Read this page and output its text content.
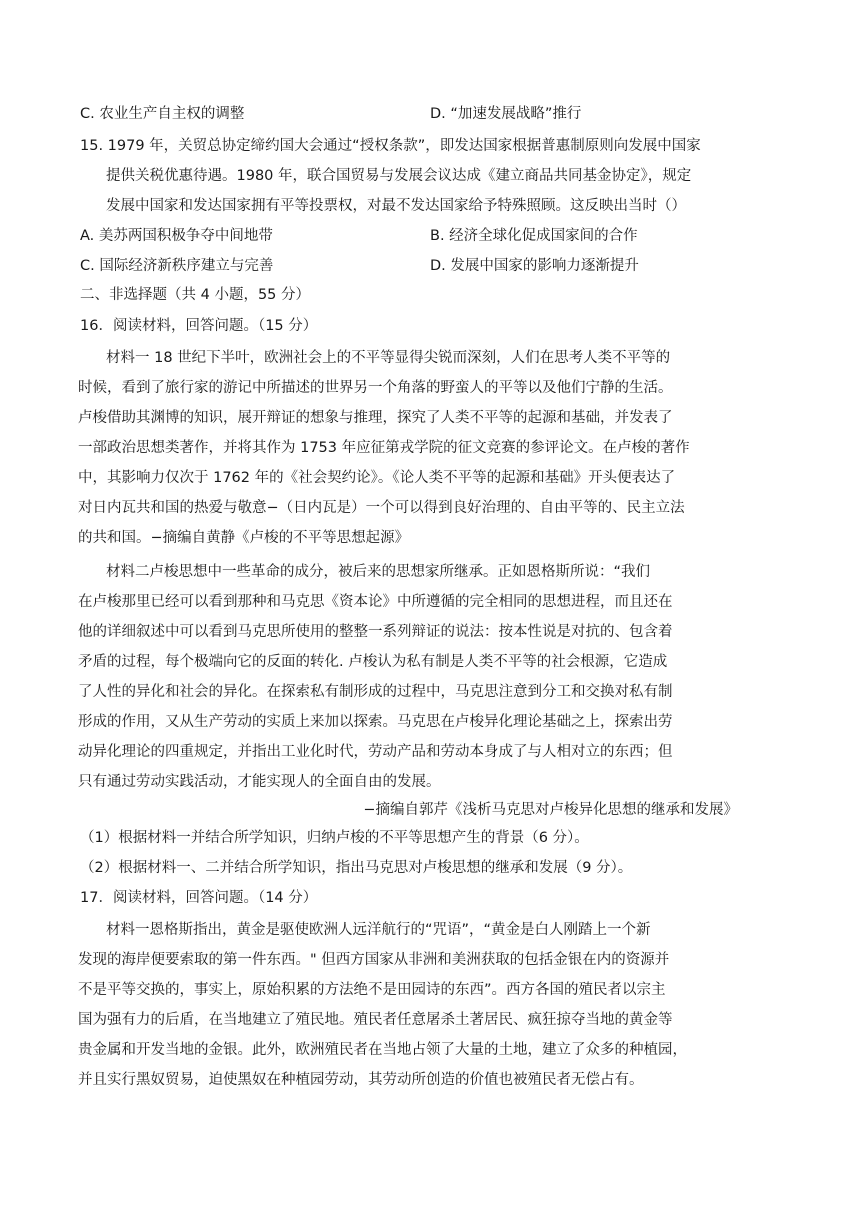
C. 农业生产自主权的调整	D. “加速发展战略”推行
15. 1979 年，关贸总协定缔约国大会通过“授权条款”，即发达国家根据普惠制原则向发展中国家
提供关税优惠待遇。1980 年，联合国贸易与发展会议达成《建立商品共同基金协定》，规定
发展中国家和发达国家拥有平等投票权，对最不发达国家给予特殊照顾。这反映出当时（）
A. 美苏两国积极争夺中间地带	B. 经济全球化促成国家间的合作
C. 国际经济新秩序建立与完善	D. 发展中国家的影响力逐渐提升
二、非选择题（共 4 小题，55 分）
16．阅读材料，回答问题。（15 分）
材料一 18 世纪下半叶，欧洲社会上的不平等显得尖锐而深刻，人们在思考人类不平等的
时候，看到了旅行家的游记中所描述的世界另一个角落的野蛮人的平等以及他们宁静的生活。
卢梭借助其渊博的知识，展开辩证的想象与推理，探究了人类不平等的起源和基础，并发表了
一部政治思想类著作，并将其作为 1753 年应征第戎学院的征文竞赛的参评论文。在卢梭的著作
中，其影响力仅次于 1762 年的《社会契约论》。《论人类不平等的起源和基础》开头便表达了
对日内瓦共和国的热爱与敬意−（日内瓦是）一个可以得到良好治理的、自由平等的、民主立法
的共和国。−摘编自黄静《卢梭的不平等思想起源》
材料二卢梭思想中一些革命的成分，被后来的思想家所继承。正如恩格斯所说：“我们
在卢梭那里已经可以看到那种和马克思《资本论》中所遵循的完全相同的思想进程，而且还在
他的详细叙述中可以看到马克思所使用的整整一系列辩证的说法：按本性说是对抗的、包含着
矛盾的过程，每个极端向它的反面的转化. 卢梭认为私有制是人类不平等的社会根源，它造成
了人性的异化和社会的异化。在探索私有制形成的过程中，马克思注意到分工和交换对私有制
形成的作用，又从生产劳动的实质上来加以探索。马克思在卢梭异化理论基础之上，探索出劳
动异化理论的四重规定，并指出工业化时代，劳动产品和劳动本身成了与人相对立的东西；但
只有通过劳动实践活动，才能实现人的全面自由的发展。
−摘编自郭芹《浅析马克思对卢梭异化思想的继承和发展》
（1）根据材料一并结合所学知识，归纳卢梭的不平等思想产生的背景（6 分）。
（2）根据材料一、二并结合所学知识，指出马克思对卢梭思想的继承和发展（9 分）。
17．阅读材料，回答问题。（14 分）
材料一恩格斯指出，黄金是驱使欧洲人远洋航行的“咒语”，“黄金是白人刚踏上一个新
发现的海岸便要索取的第一件东西。" 但西方国家从非洲和美洲获取的包括金银在内的资源并
不是平等交换的，事实上，原始积累的方法绝不是田园诗的东西”。西方各国的殖民者以宗主
国为强有力的后盾，在当地建立了殖民地。殖民者任意屠杀土著居民、疯狂掠夺当地的黄金等
贵金属和开发当地的金银。此外，欧洲殖民者在当地占领了大量的土地，建立了众多的种植园，
并且实行黑奴贸易，迫使黑奴在种植园劳动，其劳动所创造的价值也被殖民者无偿占有。
